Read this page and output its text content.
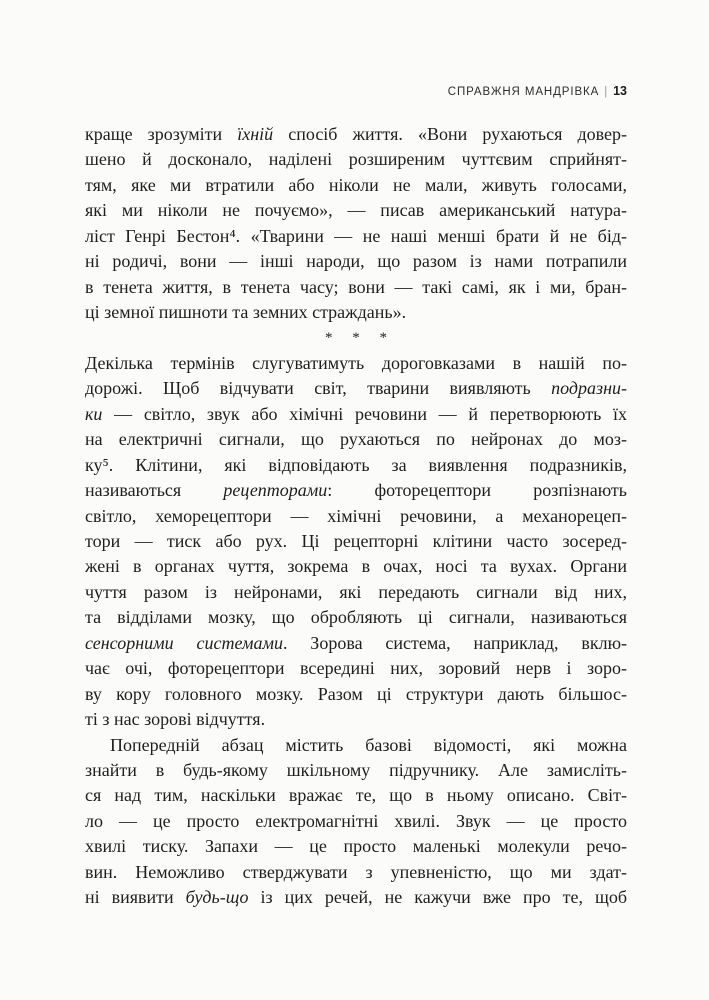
СПРАВЖНЯ МАНДРІВКА | 13
краще зрозуміти їхній спосіб життя. «Вони рухаються довер-
шено й досконало, наділені розширеним чуттєвим сприйнят-
тям, яке ми втратили або ніколи не мали, живуть голосами,
які ми ніколи не почуємо», — писав американський натура-
ліст Генрі Бестон⁴. «Тварини — не наші менші брати й не бід-
ні родичі, вони — інші народи, що разом із нами потрапили
в тенета життя, в тенета часу; вони — такі самі, як і ми, бран-
ці земної пишноти та земних страждань».
* * *
Декілька термінів слугуватимуть дороговказами в нашій по-
дорожі. Щоб відчувати світ, тварини виявляють подразни-
ки — світло, звук або хімічні речовини — й перетворюють їх
на електричні сигнали, що рухаються по нейронах до моз-
ку⁵. Клітини, які відповідають за виявлення подразників,
називаються рецепторами: фоторецептори розпізнають
світло, хеморецептори — хімічні речовини, а механорецеп-
тори — тиск або рух. Ці рецепторні клітини часто зосеред-
жені в органах чуття, зокрема в очах, носі та вухах. Органи
чуття разом із нейронами, які передають сигнали від них,
та відділами мозку, що обробляють ці сигнали, називаються
сенсорними системами. Зорова система, наприклад, вклю-
чає очі, фоторецептори всередині них, зоровий нерв і зоро-
ву кору головного мозку. Разом ці структури дають більшос-
ті з нас зорові відчуття.
Попередній абзац містить базові відомості, які можна
знайти в будь-якому шкільному підручнику. Але замисліть-
ся над тим, наскільки вражає те, що в ньому описано. Світ-
ло — це просто електромагнітні хвилі. Звук — це просто
хвилі тиску. Запахи — це просто маленькі молекули речо-
вин. Неможливо стверджувати з упевненістю, що ми здат-
ні виявити будь-що із цих речей, не кажучи вже про те, щоб
